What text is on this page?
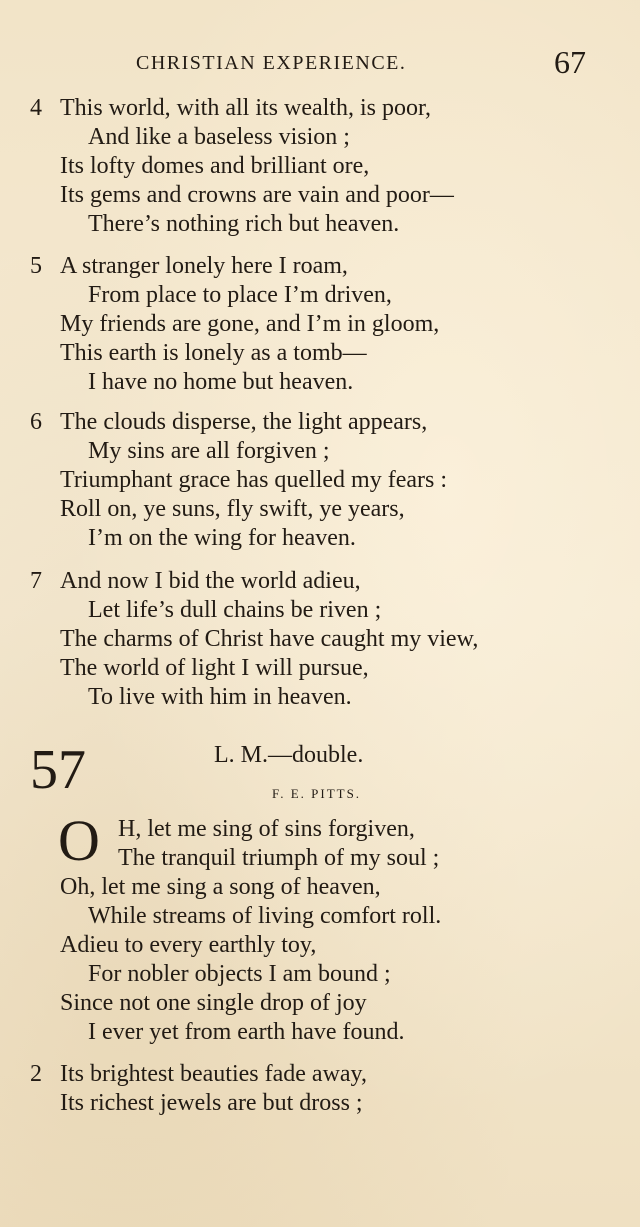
CHRISTIAN EXPERIENCE.	67
4 This world, with all its wealth, is poor,
And like a baseless vision ;
Its lofty domes and brilliant ore,
Its gems and crowns are vain and poor—
There’s nothing rich but heaven.
5 A stranger lonely here I roam,
From place to place I’m driven,
My friends are gone, and I’m in gloom,
This earth is lonely as a tomb—
I have no home but heaven.
6 The clouds disperse, the light appears,
My sins are all forgiven ;
Triumphant grace has quelled my fears :
Roll on, ye suns, fly swift, ye years,
I’m on the wing for heaven.
7 And now I bid the world adieu,
Let life’s dull chains be riven ;
The charms of Christ have caught my view,
The world of light I will pursue,
To live with him in heaven.
57	L. M.—double.
F. E. PITTS.
O H, let me sing of sins forgiven,
The tranquil triumph of my soul ;
Oh, let me sing a song of heaven,
While streams of living comfort roll.
Adieu to every earthly toy,
For nobler objects I am bound ;
Since not one single drop of joy
I ever yet from earth have found.
2 Its brightest beauties fade away,
Its richest jewels are but dross ;
